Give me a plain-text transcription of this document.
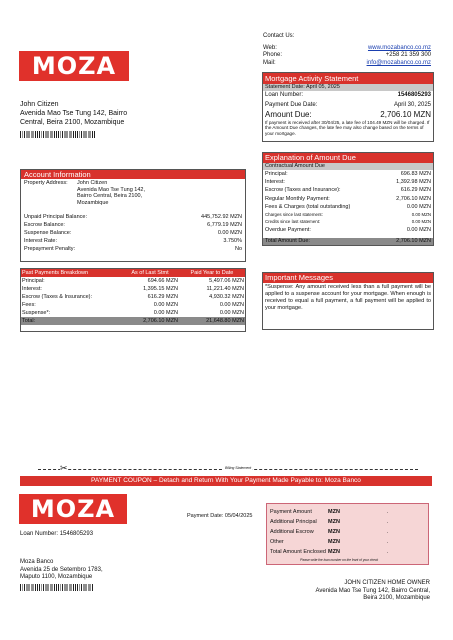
Contact Us:
Web:	www.mozabanco.co.mz
Phone:	+258 21 359 300
Mail:	info@mozabanco.co.mz
MOZA
John Citizen
Avenida Mao Tse Tung 142, Bairro
Central, Beira 2100, Mozambique
Mortgage Activity Statement
Statement Date: April 05, 2025
Loan Number:	1546805293
Payment Due Date:	April 30, 2025
Amount Due:	2,706.10 MZN
If payment is received after 30/04/25, a late fee of 104.49 MZN will be charged. If the Amount Due changes, the late fee may also change based on the terms of your mortgage.
Account Information
Property Address:	John Citizen
Avenida Mao Tse Tung 142,
Bairro Central, Beira 2100,
Mozambique
Unpaid Principal Balance:	445,752.92 MZN
Escrow Balance:	6,779.19 MZN
Suspense Balance:	0.00 MZN
Interest Rate:	3.750%
Prepayment Penalty:	No
Explanation of Amount Due
Contractual Amount Due
Principal:	696.83 MZN
Interest:	1,392.98 MZN
Escrow (Taxes and Insurance):	616.29 MZN
Regular Monthly Payment:	2,706.10 MZN
Fees & Charges (total outstanding)	0.00 MZN
Charges since last statement:	0.00 MZN
Credits since last statement:	0.00 MZN
Overdue Payment:	0.00 MZN
Total Amount Due:	2,706.10 MZN
Past Payments Breakdown	As of Last Stmt	Paid Year to Date
Principal:	694.66 MZN	5,497.06 MZN
Interest:	1,395.15 MZN	11,221.40 MZN
Escrow (Taxes & Insurance):	616.29 MZN	4,930.32 MZN
Fees:	0.00 MZN	0.00 MZN
Suspense*:	0.00 MZN	0.00 MZN
Total:	2,706.10 MZN	21,648.80 MZN
Important Messages
*Suspense: Any amount received less than a full payment will be applied to a suspense account for your mortgage. When enough is received to equal a full payment, a full payment will be applied to your mortgage.
✂	Billing Statement
PAYMENT COUPON – Detach and Return With Your Payment Made Payable to: Moza Banco
MOZA	Payment Date: 05/04/2025
Loan Number: 1546805293
Payment Amount	MZN	.
Additional Principal	MZN	.
Additional Escrow	MZN	.
Other	MZN	.
Total Amount Enclosed MZN	.
Please write the loan number on the front of your check
Moza Banco
Avenida 25 de Setembro 1783,
Maputo 1100, Mozambique
JOHN CITIZEN HOME OWNER
Avenida Mao Tse Tung 142, Bairro Central,
Beira 2100, Mozambique
